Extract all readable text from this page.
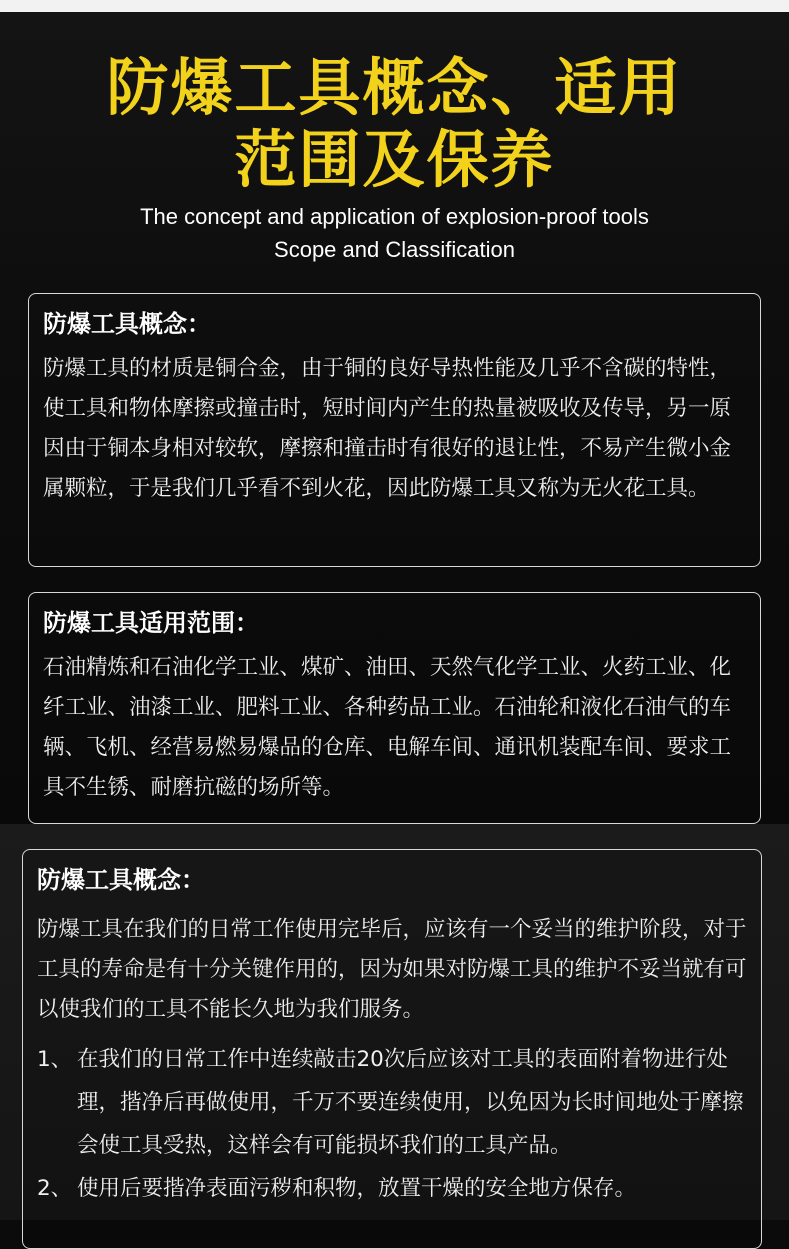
防爆工具概念、适用
范围及保养
The concept and application of explosion-proof tools
Scope and Classification
防爆工具概念：
防爆工具的材质是铜合金，由于铜的良好导热性能及几乎不含碳的特性，使工具和物体摩擦或撞击时，短时间内产生的热量被吸收及传导，另一原因由于铜本身相对较软，摩擦和撞击时有很好的退让性，不易产生微小金属颗粒，于是我们几乎看不到火花，因此防爆工具又称为无火花工具。
防爆工具适用范围：
石油精炼和石油化学工业、煤矿、油田、天然气化学工业、火药工业、化纤工业、油漆工业、肥料工业、各种药品工业。石油轮和液化石油气的车辆、飞机、经营易燃易爆品的仓库、电解车间、通讯机装配车间、要求工具不生锈、耐磨抗磁的场所等。
防爆工具概念：
防爆工具在我们的日常工作使用完毕后，应该有一个妥当的维护阶段，对于工具的寿命是有十分关键作用的，因为如果对防爆工具的维护不妥当就有可以使我们的工具不能长久地为我们服务。
1、 在我们的日常工作中连续敲击20次后应该对工具的表面附着物进行处理，揩净后再做使用，千万不要连续使用，以免因为长时间地处于摩擦会使工具受热，这样会有可能损坏我们的工具产品。
2、 使用后要揩净表面污秽和积物，放置干燥的安全地方保存。
